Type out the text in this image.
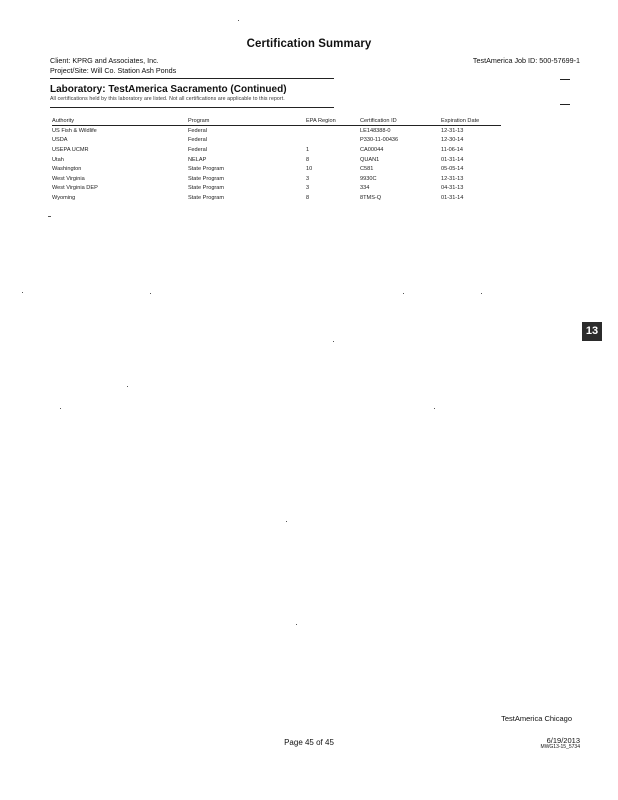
Certification Summary
Client: KPRG and Associates, Inc.	TestAmerica Job ID: 500-57699-1
Project/Site: Will Co. Station Ash Ponds
Laboratory: TestAmerica Sacramento (Continued)
All certifications held by this laboratory are listed. Not all certifications are applicable to this report.
Authority	Program	EPA Region	Certification ID	Expiration Date
US Fish & Wildlife	Federal		LE148388-0	12-31-13
USDA	Federal		P330-11-00436	12-30-14
USEPA UCMR	Federal	1	CA00044	11-06-14
Utah	NELAP	8	QUAN1	01-31-14
Washington	State Program	10	C581	05-05-14
West Virginia	State Program	3	9930C	12-31-13
West Virginia DEP	State Program	3	334	04-31-13
Wyoming	State Program	8	8TMS-Q	01-31-14
13
TestAmerica Chicago
Page 45 of 45	6/19/2013
MWG13-15_5734
